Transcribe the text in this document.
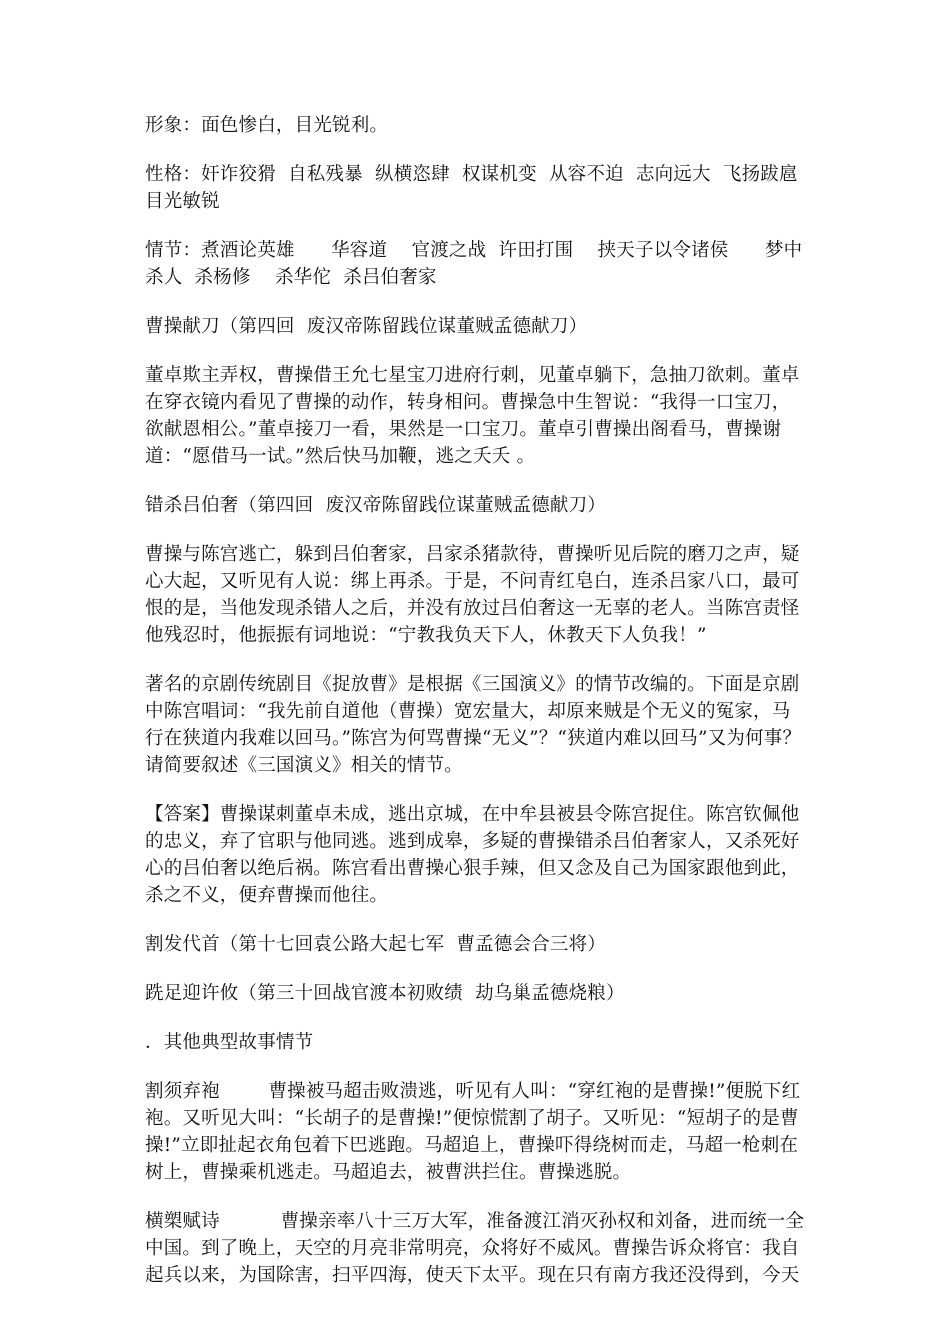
形象：面色惨白，目光锐利。

性格：奸诈狡猾  自私残暴  纵横恣肆  权谋机变  从容不迫  志向远大  飞扬跋扈  目光敏锐

情节：煮酒论英雄      华容道    官渡之战  许田打围    挟天子以令诸侯      梦中杀人  杀杨修    杀华佗  杀吕伯奢家

曹操献刀（第四回  废汉帝陈留践位谋董贼孟德献刀）

董卓欺主弄权，曹操借王允七星宝刀进府行刺，见董卓躺下，急抽刀欲刺。董卓在穿衣镜内看见了曹操的动作，转身相问。曹操急中生智说：“我得一口宝刀，欲献恩相公。”董卓接刀一看，果然是一口宝刀。董卓引曹操出阁看马，曹操谢道：“愿借马一试。”然后快马加鞭，逃之夭夭 。

错杀吕伯奢（第四回  废汉帝陈留践位谋董贼孟德献刀）

曹操与陈宫逃亡，躲到吕伯奢家，吕家杀猪款待，曹操听见后院的磨刀之声，疑心大起，又听见有人说：绑上再杀。于是，不问青红皂白，连杀吕家八口，最可恨的是，当他发现杀错人之后，并没有放过吕伯奢这一无辜的老人。当陈宫责怪他残忍时，他振振有词地说：“宁教我负天下人，休教天下人负我！”

著名的京剧传统剧目《捉放曹》是根据《三国演义》的情节改编的。下面是京剧中陈宫唱词：“我先前自道他（曹操）宽宏量大，却原来贼是个无义的冤家，马行在狭道内我难以回马。”陈宫为何骂曹操“无义”？“狭道内难以回马”又为何事？请简要叙述《三国演义》相关的情节。

【答案】曹操谋刺董卓未成，逃出京城，在中牟县被县令陈宫捉住。陈宫钦佩他的忠义，弃了官职与他同逃。逃到成皋，多疑的曹操错杀吕伯奢家人，又杀死好心的吕伯奢以绝后祸。陈宫看出曹操心狠手辣，但又念及自己为国家跟他到此，杀之不义，便弃曹操而他往。

割发代首（第十七回袁公路大起七军  曹孟德会合三将）

跣足迎许攸（第三十回战官渡本初败绩  劫乌巢孟德烧粮）

．其他典型故事情节

割须弃袍        曹操被马超击败溃逃，听见有人叫：“穿红袍的是曹操!”便脱下红袍。又听见大叫：“长胡子的是曹操!”便惊慌割了胡子。又听见：“短胡子的是曹操!”立即扯起衣角包着下巴逃跑。马超追上，曹操吓得绕树而走，马超一枪刺在树上，曹操乘机逃走。马超追去，被曹洪拦住。曹操逃脱。

横槊赋诗          曹操亲率八十三万大军，准备渡江消灭孙权和刘备，进而统一全中国。到了晚上，天空的月亮非常明亮，众将好不威风。曹操告诉众将官：我自起兵以来，为国除害，扫平四海，使天下太平。现在只有南方我还没得到，今天
